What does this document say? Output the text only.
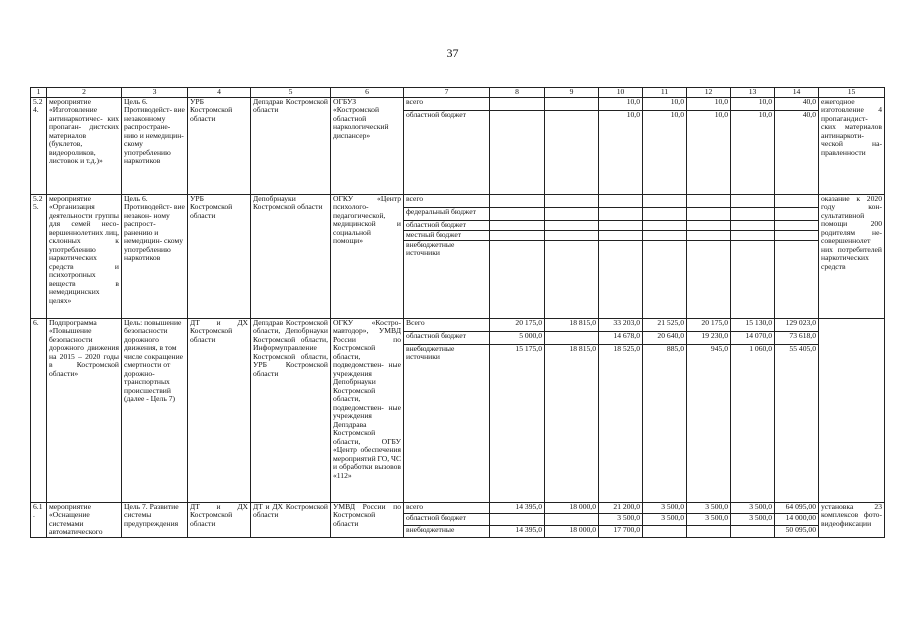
37
1	2	3	4	5	6	7	8	9	10	11	12	13	14	15
5.24.	мероприятие «Изготовление антинаркотичес- ких пропаган- дистских материалов (буклетов, видеороликов, листовок и т.д.)»	Цель 6. Противодейст- вие незаконному распростране- нию и немедицин- скому употреблению наркотиков	УРБ Костромской области	Депздрав Костромской области	ОГБУЗ «Костромской областной наркологический диспансер»	всего			10,0	10,0	10,0	10,0	40,0	ежегодное изготовление 4 пропагандист- ских материалов антинаркоти- ческой на- правленности
						областной бюджет			10,0	10,0	10,0	10,0	40,0	
5.25.	мероприятие «Организация деятельности группы для семей несо- вершеннолетних лиц, склонных к употреблению наркотических средств и психотропных веществ в немедицинских целях»	Цель 6. Противодейст- вие незакон- ному распрост- ранению и немедицин- скому употреблению наркотиков	УРБ Костромской области	Депобрнауки Костромской области	ОГКУ «Центр психолого- педагогической, медицинской и социальной помощи»	всего								оказание к 2020 году кон- сультативной помощи 200 родителям не- совершеннолет них потребителей наркотических средств
						федеральный бюджет								
						областной бюджет								
						местный бюджет								
						внебюджетные источники								
6.	Подпрограмма «Повышение безопасности дорожного движения на 2015 – 2020 годы в Костромской области»	Цель: повышение безопасности дорожного движения, в том числе сокращение смертности от дорожно- транспортных происшествий (далее - Цель 7)	ДТ и ДХ Костромской области	Депздрав Костромской области, Депобрнауки Костромской области, Информуправление Костромской области, УРБ Костромской области	ОГКУ «Костро- мавтодор», УМВД России по Костромской области, подведомствен- ные учреждения Депобрнауки Костромской области, подведомствен- ные учреждения Депздрава Костромской области, ОГБУ «Центр обеспечения мероприятий ГО, ЧС и обработки вызовов «112»	Всего	20 175,0	18 815,0	33 203,0	21 525,0	20 175,0	15 130,0	129 023,0	
						областной бюджет	5 000,0		14 678,0	20 640,0	19 230,0	14 070,0	73 618,0	
						внебюджетные источники	15 175,0	18 815,0	18 525,0	885,0	945,0	1 060,0	55 405,0	
6.1.	мероприятие «Оснащение системами автоматического	Цель 7. Развитие системы предупреждения	ДТ и ДХ Костромской области	ДТ и ДХ Костромской области	УМВД России по Костромской области	всего	14 395,0	18 000,0	21 200,0	3 500,0	3 500,0	3 500,0	64 095,00	установка 23 комплексов фото- видеофиксации
						областной бюджет			3 500,0	3 500,0	3 500,0	3 500,0	14 000,00	
						внебюджетные	14 395,0	18 000,0	17 700,0				50 095,00	
